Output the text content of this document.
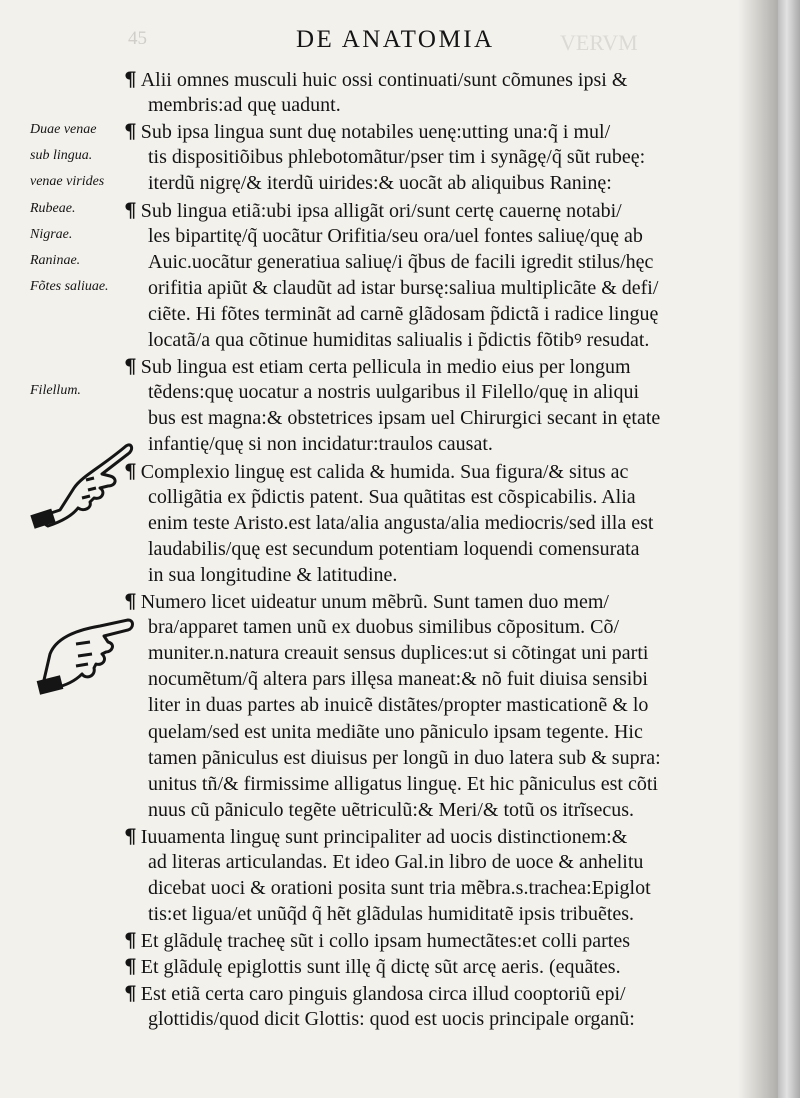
45	VERVM
DE ANATOMIA
Duae venae
sub lingua.
venae virides
Rubeae.
Nigrae.
Raninae.
Fõtes saliuae.
Filellum.
¶ Alii omnes musculi huic ossi continuati/sunt cõmunes ipsi &
membris:ad quę uadunt.
¶ Sub ipsa lingua sunt duę notabiles uenę:utting una:q̃ i mul/
tis dispositiõibus phlebotomãtur/pser tim i synãgę/q̃ sũt rubeę:
iterdũ nigrę/& iterdũ uirides:& uocãt ab aliquibus Raninę:
¶ Sub lingua etiã:ubi ipsa alligãt ori/sunt certę cauernę notabi/
les bipartitę/q̃ uocãtur Orifitia/seu ora/uel fontes saliuę/quę ab
Auic.uocãtur generatiua saliuę/i q̃bus de facili igredit stilus/hęc
orifitia apiũt & claudũt ad istar bursę:saliua multiplicãte & defi/
ciẽte. Hi fõtes terminãt ad carnẽ glãdosam p̃dictã i radice linguę
locatã/a qua cõtinue humiditas saliualis i p̃dictis fõtibꝰ resudat.
¶ Sub lingua est etiam certa pellicula in medio eius per longum
tẽdens:quę uocatur a nostris uulgaribus il Filello/quę in aliqui
bus est magna:& obstetrices ipsam uel Chirurgici secant in ętate
infantię/quę si non incidatur:traulos causat.
¶ Complexio linguę est calida & humida. Sua figura/& situs ac
colligãtia ex p̃dictis patent. Sua quãtitas est cõspicabilis. Alia
enim teste Aristo.est lata/alia angusta/alia mediocris/sed illa est
laudabilis/quę est secundum potentiam loquendi comensurata
in sua longitudine & latitudine.
¶ Numero licet uideatur unum mẽbrũ. Sunt tamen duo mem/
bra/apparet tamen unũ ex duobus similibus cõpositum. Cõ/
muniter.n.natura creauit sensus duplices:ut si cõtingat uni parti
nocumẽtum/q̃ altera pars illęsa maneat:& nõ fuit diuisa sensibi
liter in duas partes ab inuicẽ distãtes/propter masticationẽ & lo
quelam/sed est unita mediãte uno pãniculo ipsam tegente. Hic
tamen pãniculus est diuisus per longũ in duo latera sub & supra:
unitus tñ/& firmissime alligatus linguę. Et hic pãniculus est cõti
nuus cũ pãniculo tegẽte uẽtriculũ:& Meri/& totũ os itrĩsecus.
¶ Iuuamenta linguę sunt principaliter ad uocis distinctionem:&
ad literas articulandas. Et ideo Gal.in libro de uoce & anhelitu
dicebat uoci & orationi posita sunt tria mẽbra.s.trachea:Epiglot
tis:et ligua/et unũq̃d q̃ hẽt glãdulas humiditatẽ ipsis tribuẽtes.
¶ Et glãdulę tracheę sũt i collo ipsam humectãtes:et colli partes
¶ Et glãdulę epiglottis sunt illę q̃ dictę sũt arcę aeris. (equãtes.
¶ Est etiã certa caro pinguis glandosa circa illud cooptoriũ epi/
glottidis/quod dicit Glottis: quod est uocis principale organũ:
